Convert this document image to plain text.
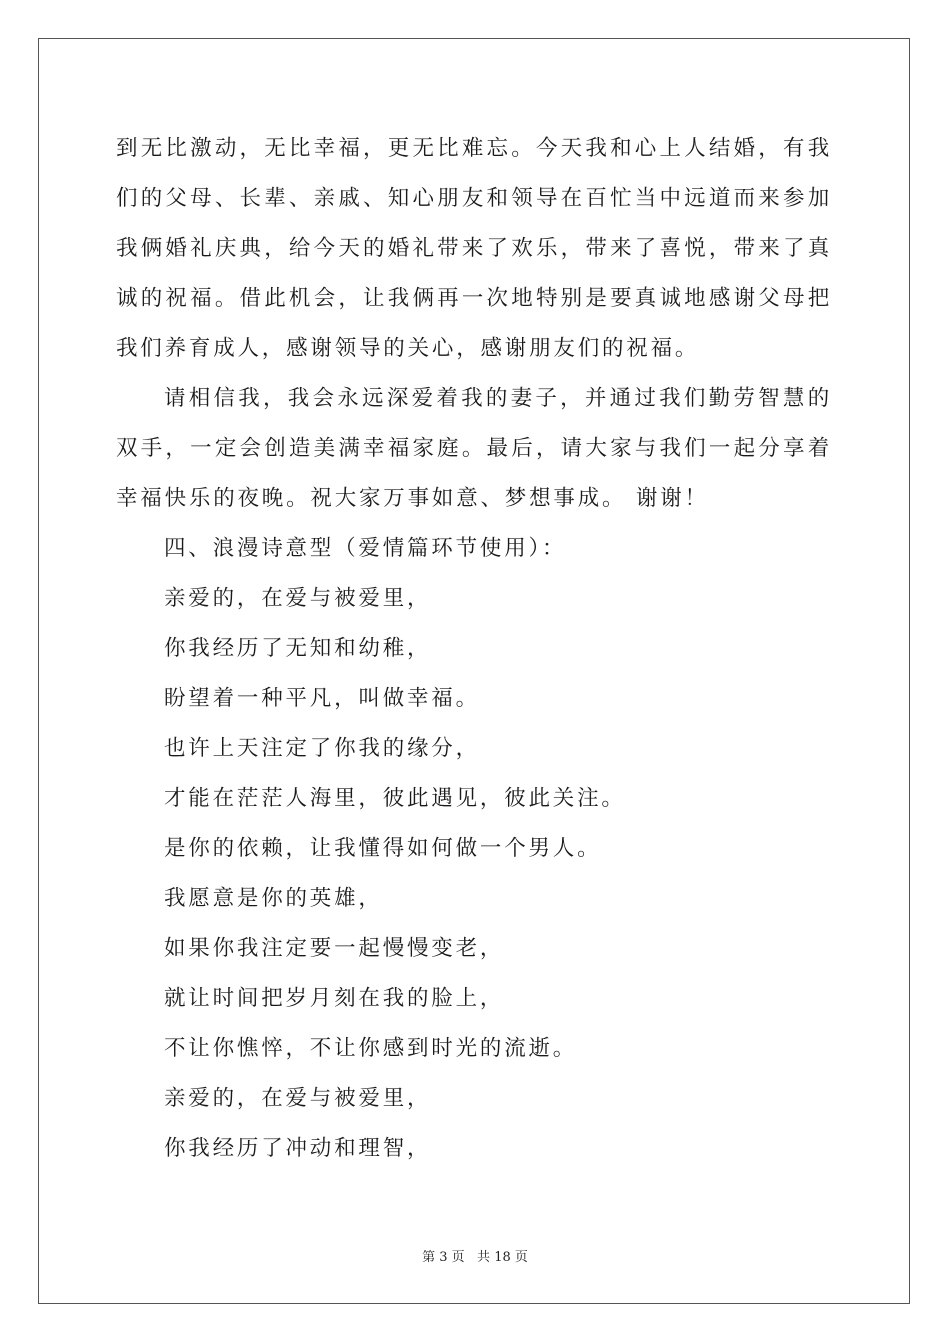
到无比激动，无比幸福，更无比难忘。今天我和心上人结婚，有我们的父母、长辈、亲戚、知心朋友和领导在百忙当中远道而来参加我俩婚礼庆典，给今天的婚礼带来了欢乐，带来了喜悦，带来了真诚的祝福。借此机会，让我俩再一次地特别是要真诚地感谢父母把我们养育成人，感谢领导的关心，感谢朋友们的祝福。

请相信我，我会永远深爱着我的妻子，并通过我们勤劳智慧的双手，一定会创造美满幸福家庭。最后，请大家与我们一起分享着幸福快乐的夜晚。祝大家万事如意、梦想事成。 谢谢！

四、浪漫诗意型（爱情篇环节使用）：

亲爱的，在爱与被爱里，

你我经历了无知和幼稚，

盼望着一种平凡，叫做幸福。

也许上天注定了你我的缘分，

才能在茫茫人海里，彼此遇见，彼此关注。

是你的依赖，让我懂得如何做一个男人。

我愿意是你的英雄，

如果你我注定要一起慢慢变老，

就让时间把岁月刻在我的脸上，

不让你憔悴，不让你感到时光的流逝。

亲爱的，在爱与被爱里，

你我经历了冲动和理智，

第 3 页   共 18 页
